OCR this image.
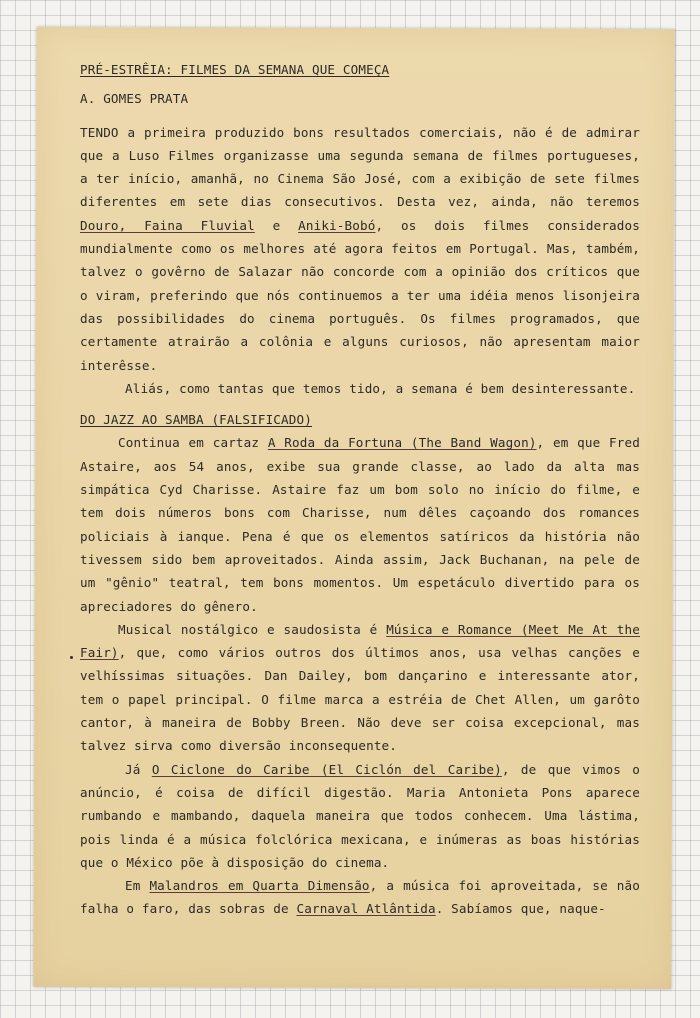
PRÉ-ESTRÊIA: FILMES DA SEMANA QUE COMEÇA

A. GOMES PRATA

TENDO a primeira produzido bons resultados comerciais, não é de admirar que a Luso Filmes organizasse uma segunda semana de filmes portugueses, a ter início, amanhã, no Cinema São José, com a exibição de sete filmes diferentes em sete dias consecutivos. Desta vez, ainda, não teremos Douro, Faina Fluvial e Aniki-Bobó, os dois filmes considerados mundialmente como os melhores até agora feitos em Portugal. Mas, também, talvez o govêrno de Salazar não concorde com a opinião dos críticos que o viram, preferindo que nós continuemos a ter uma idéia menos lisonjeira das possibilidades do cinema português. Os filmes programados, que certamente atrairão a colônia e alguns curiosos, não apresentam maior interêsse.

Aliás, como tantas que temos tido, a semana é bem desinteressante.

DO JAZZ AO SAMBA (FALSIFICADO)

Continua em cartaz A Roda da Fortuna (The Band Wagon), em que Fred Astaire, aos 54 anos, exibe sua grande classe, ao lado da alta mas simpática Cyd Charisse. Astaire faz um bom solo no início do filme, e tem dois números bons com Charisse, num dêles caçoando dos romances policiais à ianque. Pena é que os elementos satíricos da história não tivessem sido bem aproveitados. Ainda assim, Jack Buchanan, na pele de um "gênio" teatral, tem bons momentos. Um espetáculo divertido para os apreciadores do gênero.

Musical nostálgico e saudosista é Música e Romance (Meet Me At the Fair), que, como vários outros dos últimos anos, usa velhas canções e velhíssimas situações. Dan Dailey, bom dançarino e interessante ator, tem o papel principal. O filme marca a estréia de Chet Allen, um garôto cantor, à maneira de Bobby Breen. Não deve ser coisa excepcional, mas talvez sirva como diversão inconsequente.

Já O Ciclone do Caribe (El Ciclón del Caribe), de que vimos o anúncio, é coisa de difícil digestão. Maria Antonieta Pons aparece rumbando e mambando, daquela maneira que todos conhecem. Uma lástima, pois linda é a música folclórica mexicana, e inúmeras as boas histórias que o México põe à disposição do cinema.

Em Malandros em Quarta Dimensão, a música foi aproveitada, se não falha o faro, das sobras de Carnaval Atlântida. Sabíamos que, naque-
